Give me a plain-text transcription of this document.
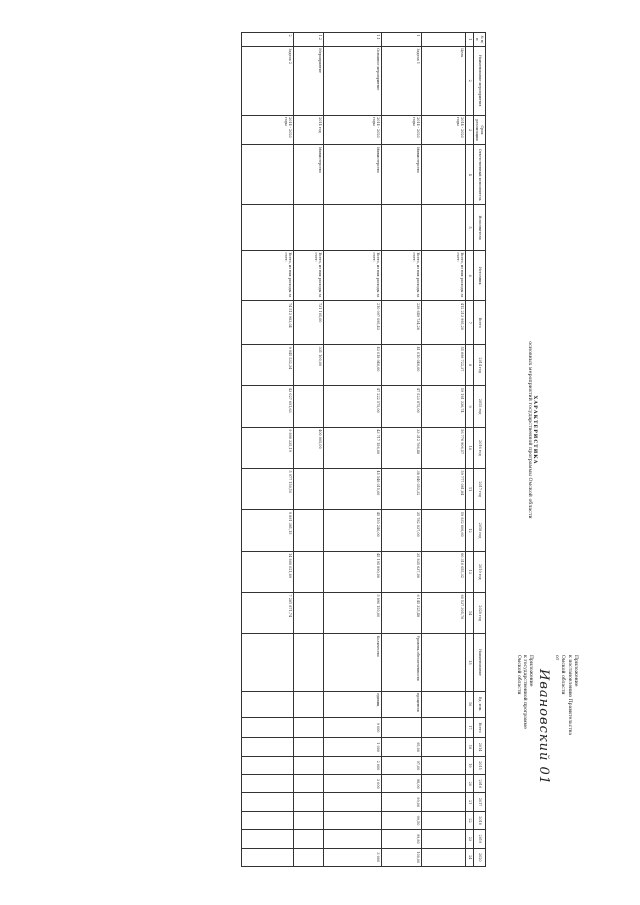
Приложение
к постановлению Правительства
Омской области
от
Ивановский 01
Приложение
к государственной программе
Омской области
ХАРАКТЕРИСТИКА
основных мероприятий государственной программы Омской области
№ п/п	Наименование мероприятия	Срок реализации	Ответственный исполнитель	Исполнители	Источник	Всего	2014 год	2015 год	2016 год	2017 год	2018 год	2019 год	2020 год	Наименование	Ед. изм.	Всего	2014	2015	2016	2017	2018	2019	2020
1	2	3	4	5	6	7	8	9	10	11	12	13	14	15	16	17	18	19	20	21	22	23	24
	Цель	2014 - 2020 годы			Всего, из них расходы за счет:	412 213 995,20	55 698 722,37	59 181 336,74	56 776 906,57	59 777 061,84	59 932 606,60	60 310 055,32	60 537 305,76										
1	Задача 1	2014 - 2020 годы	Министерство		Всего, из них расходы за счет:	238 649 734,28	41 010 040,00	47 523 875,00	33 312 766,48	38 040 053,32	35 782 037,00	35 835 637,00	6 145 325,48	Уровень обеспеченности	процентов		95,00	97,00	98,00	99,00	99,50	99,80	100,00
1.1	Основное мероприятие	2014 - 2020 годы	Министерство		Всего, из них расходы за счет:	210 997 095,43	43 018 940,00	47 222 575,00	43 717 156,00	45 548 015,00	45 150 240,00	45 195 890,00	5 890 150,00	Количество	единиц	9 000	1 000	2 000	3 000				3 000
1.2	Мероприятие	2014 год	Министерство		Всего, из них расходы за счет:	731 105,00	331 100,00		400 005,00														
2	Задача 2	2014 - 2020 годы			Всего, из них расходы за счет:	74 513 983,04	9 045 532,34	43 027 691,63	9 890 335,19	5 977 150,10	9 891 381,15	14 800 021,89	7 281 871,74										
